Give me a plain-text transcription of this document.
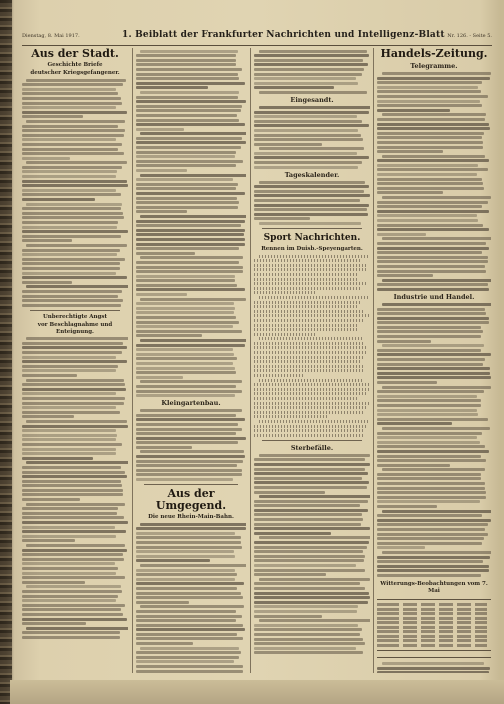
Dienstag, 8. Mai 1917.	1. Beiblatt der Frankfurter Nachrichten und Intelligenz-Blatt Nr. 126. - Seite 5.
Aus der Stadt.
Geschichte Briefe
deutscher Kriegsgefangener.
Unberechtigte Angst
vor Beschlagnahme und Enteignung.
Kleingartenbau.
Aus der Umgegend.
Die neue Rhein-Main-Bahn.
Eingesandt.
Tageskalender.
Sport Nachrichten.
Rennen im Duisb.-Speyengarten.
Sterbefälle.
Handels-Zeitung.
Telegramme.
Industrie und Handel.
Witterungs-Beobachtungen vom 7. Mai
